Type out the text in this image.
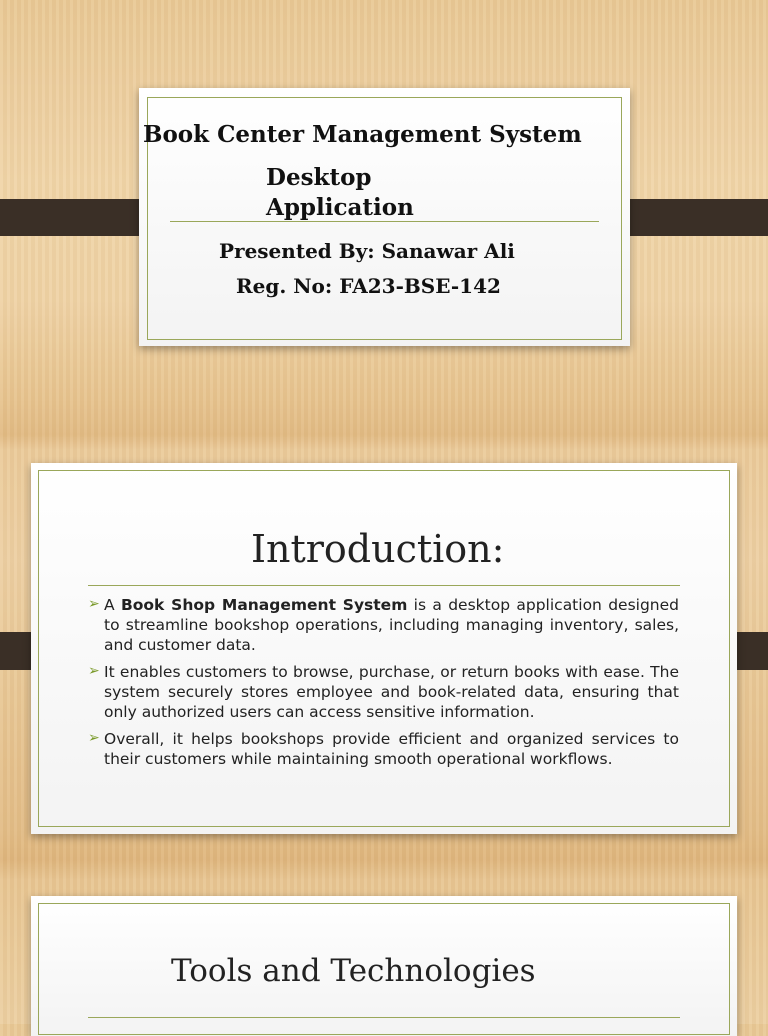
Book Center Management System
Desktop
Application
Presented By: Sanawar Ali
Reg. No: FA23-BSE-142
Introduction:
➢ A Book Shop Management System is a desktop application designed to streamline bookshop operations, including managing inventory, sales, and customer data.
➢ It enables customers to browse, purchase, or return books with ease. The system securely stores employee and book-related data, ensuring that only authorized users can access sensitive information.
➢ Overall, it helps bookshops provide efficient and organized services to their customers while maintaining smooth operational workflows.
Tools and Technologies
